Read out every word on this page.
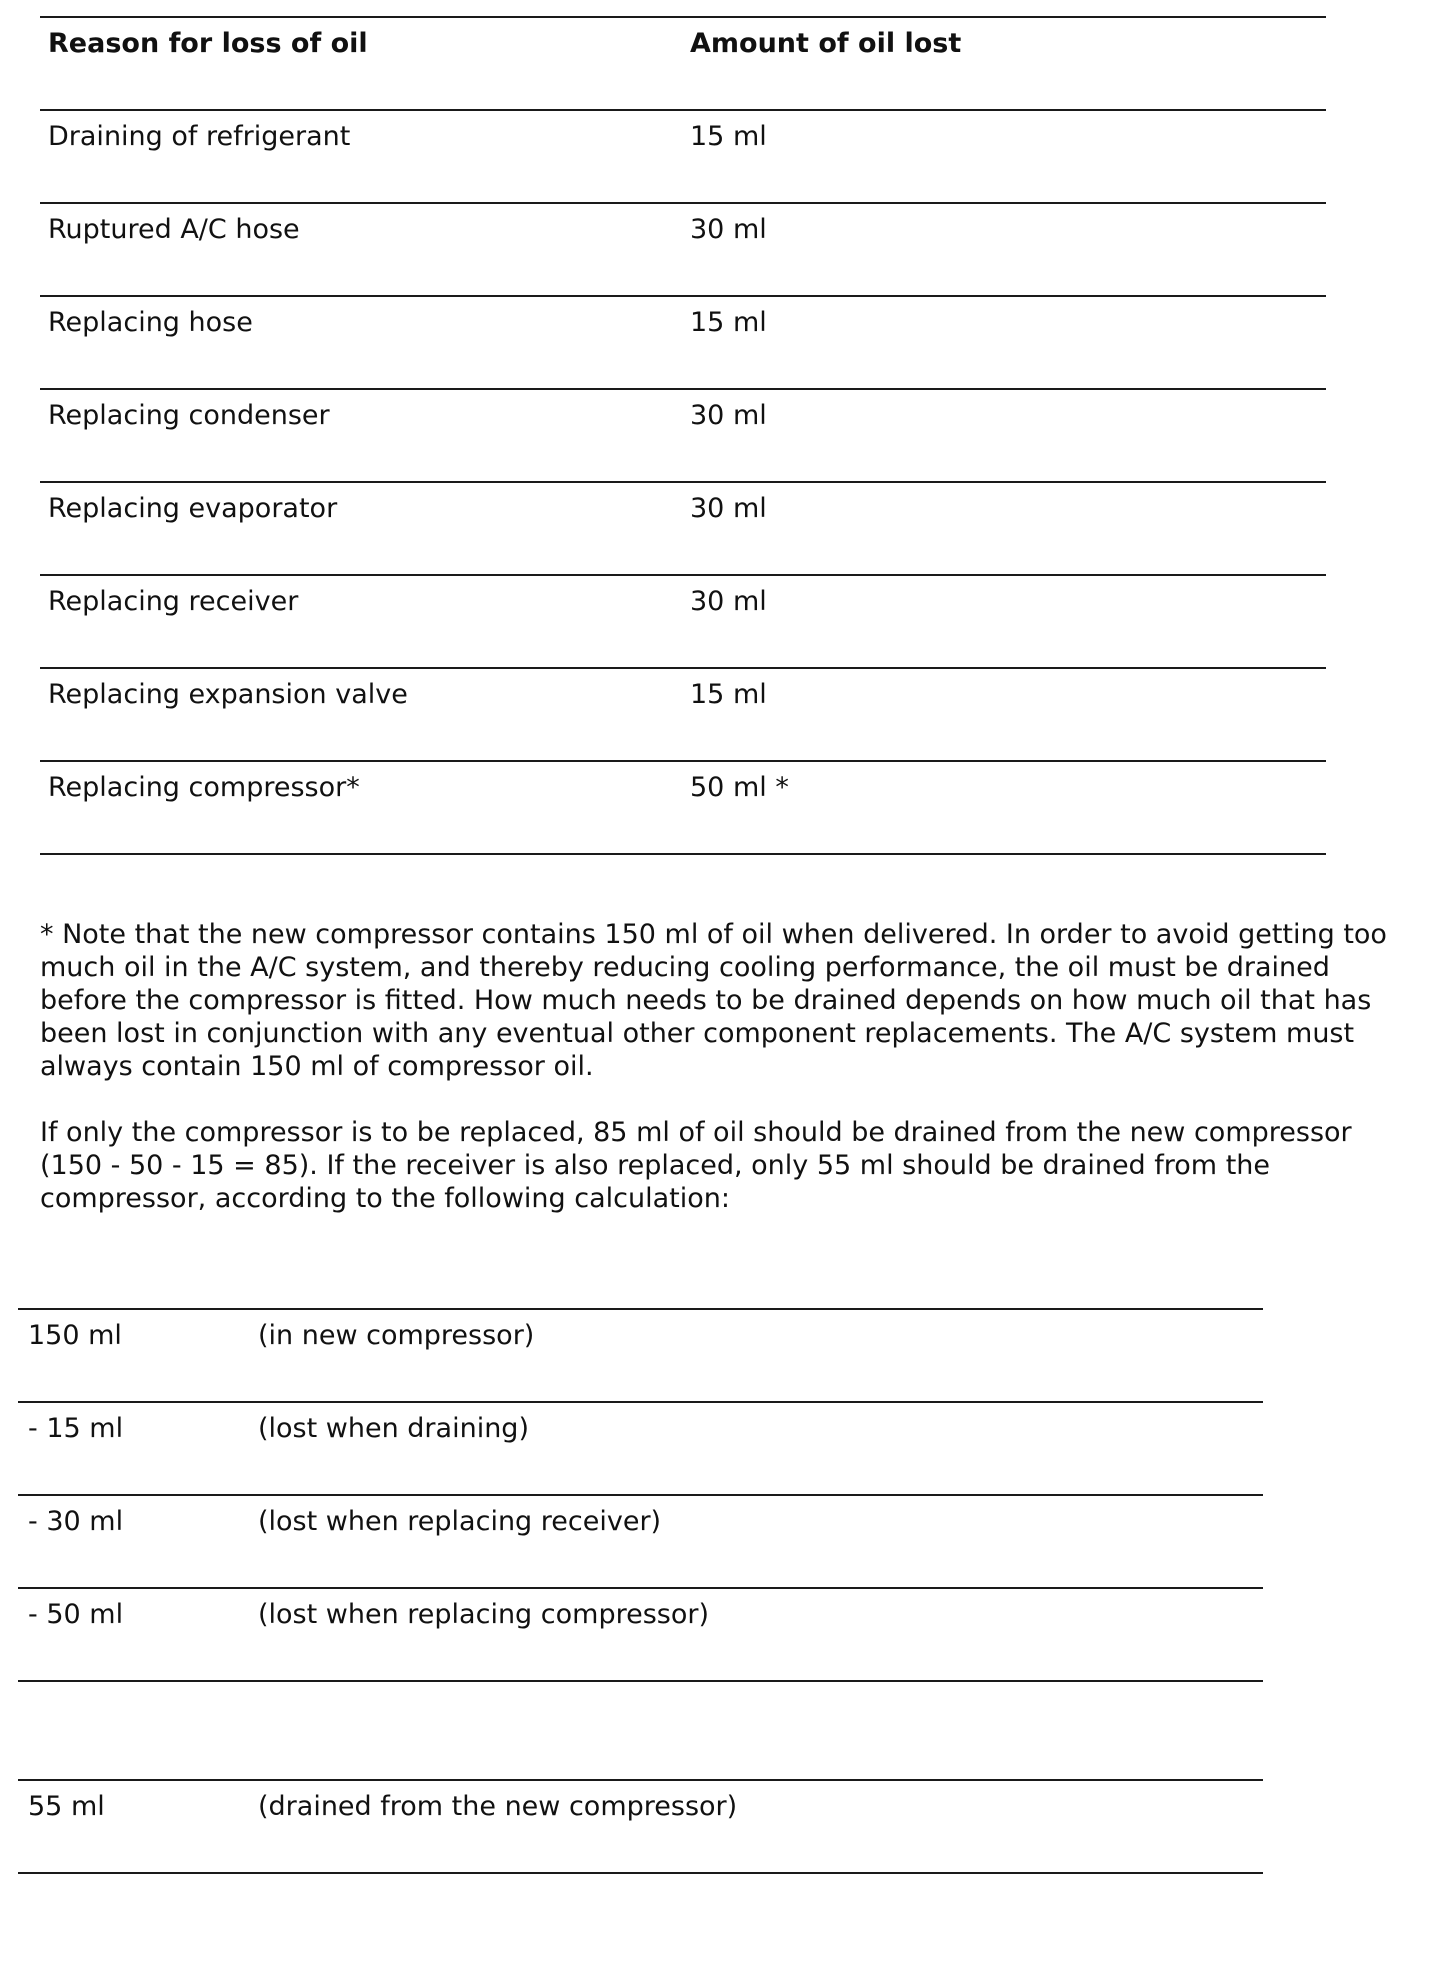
Reason for loss of oil	Amount of oil lost
Draining of refrigerant	15 ml
Ruptured A/C hose	30 ml
Replacing hose	15 ml
Replacing condenser	30 ml
Replacing evaporator	30 ml
Replacing receiver	30 ml
Replacing expansion valve	15 ml
Replacing compressor*	50 ml *

* Note that the new compressor contains 150 ml of oil when delivered. In order to avoid getting too much oil in the A/C system, and thereby reducing cooling performance, the oil must be drained before the compressor is fitted. How much needs to be drained depends on how much oil that has been lost in conjunction with any eventual other component replacements. The A/C system must always contain 150 ml of compressor oil.

If only the compressor is to be replaced, 85 ml of oil should be drained from the new compressor (150 - 50 - 15 = 85). If the receiver is also replaced, only 55 ml should be drained from the compressor, according to the following calculation:

150 ml	(in new compressor)
- 15 ml	(lost when draining)
- 30 ml	(lost when replacing receiver)
- 50 ml	(lost when replacing compressor)
55 ml	(drained from the new compressor)
